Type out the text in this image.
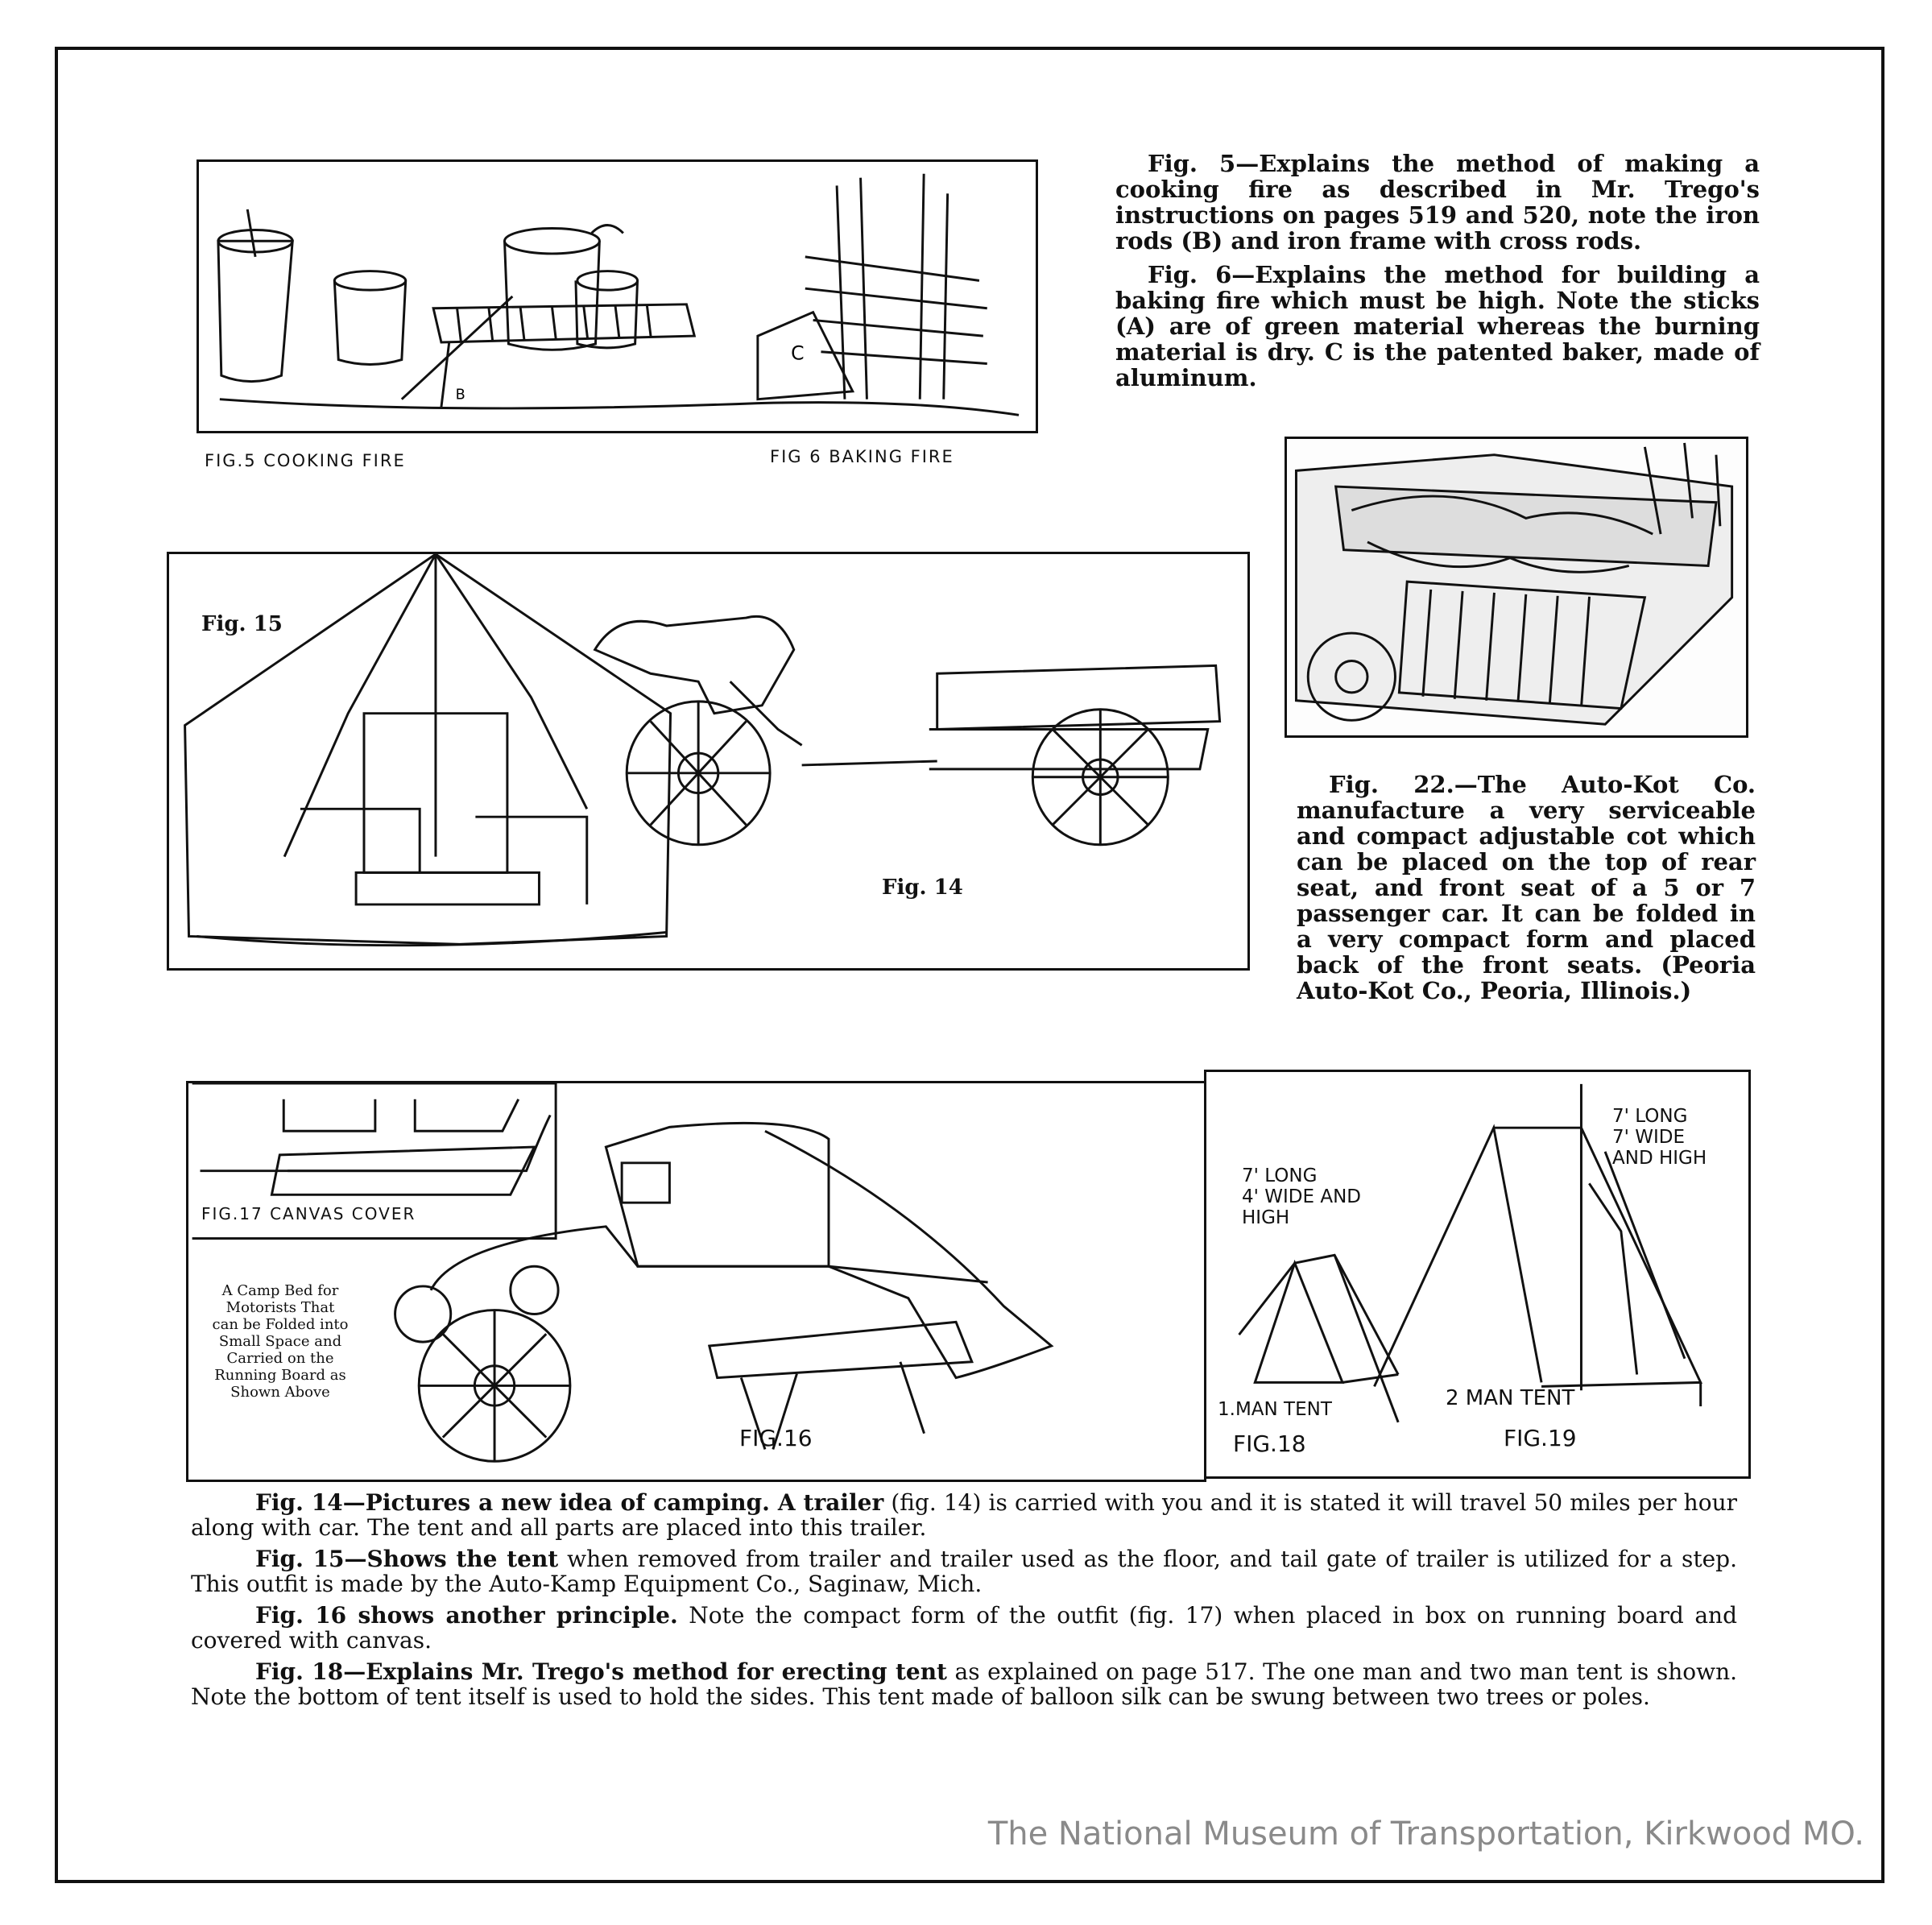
C
B
FIG.5 COOKING FIRE	FIG 6 BAKING FIRE

Fig. 5—Explains the method of making a cooking fire as described in Mr. Trego's instructions on pages 519 and 520, note the iron rods (B) and iron frame with cross rods.

Fig. 6—Explains the method for building a baking fire which must be high. Note the sticks (A) are of green material whereas the burning material is dry. C is the patented baker, made of aluminum.

Fig. 22.—The Auto-Kot Co. manufacture a very serviceable and compact adjustable cot which can be placed on the top of rear seat, and front seat of a 5 or 7 passenger car. It can be folded in a very compact form and placed back of the front seats. (Peoria Auto-Kot Co., Peoria, Illinois.)

Fig. 15
Fig. 14
FIG.17 CANVAS COVER
A Camp Bed for
Motorists That
can be Folded into
Small Space and
Carried on the
Running Board as
Shown Above
FIG.16
7' LONG
4' WIDE AND
HIGH
7' LONG
7' WIDE
AND HIGH
1.MAN TENT	2 MAN TENT
FIG.18	FIG.19

Fig. 14—Pictures a new idea of camping. A trailer (fig. 14) is carried with you and it is stated it will travel 50 miles per hour along with car. The tent and all parts are placed into this trailer.

Fig. 15—Shows the tent when removed from trailer and trailer used as the floor, and tail gate of trailer is utilized for a step. This outfit is made by the Auto-Kamp Equipment Co., Saginaw, Mich.

Fig. 16 shows another principle. Note the compact form of the outfit (fig. 17) when placed in box on running board and covered with canvas.

Fig. 18—Explains Mr. Trego's method for erecting tent as explained on page 517. The one man and two man tent is shown. Note the bottom of tent itself is used to hold the sides. This tent made of balloon silk can be swung between two trees or poles.

The National Museum of Transportation, Kirkwood MO.
